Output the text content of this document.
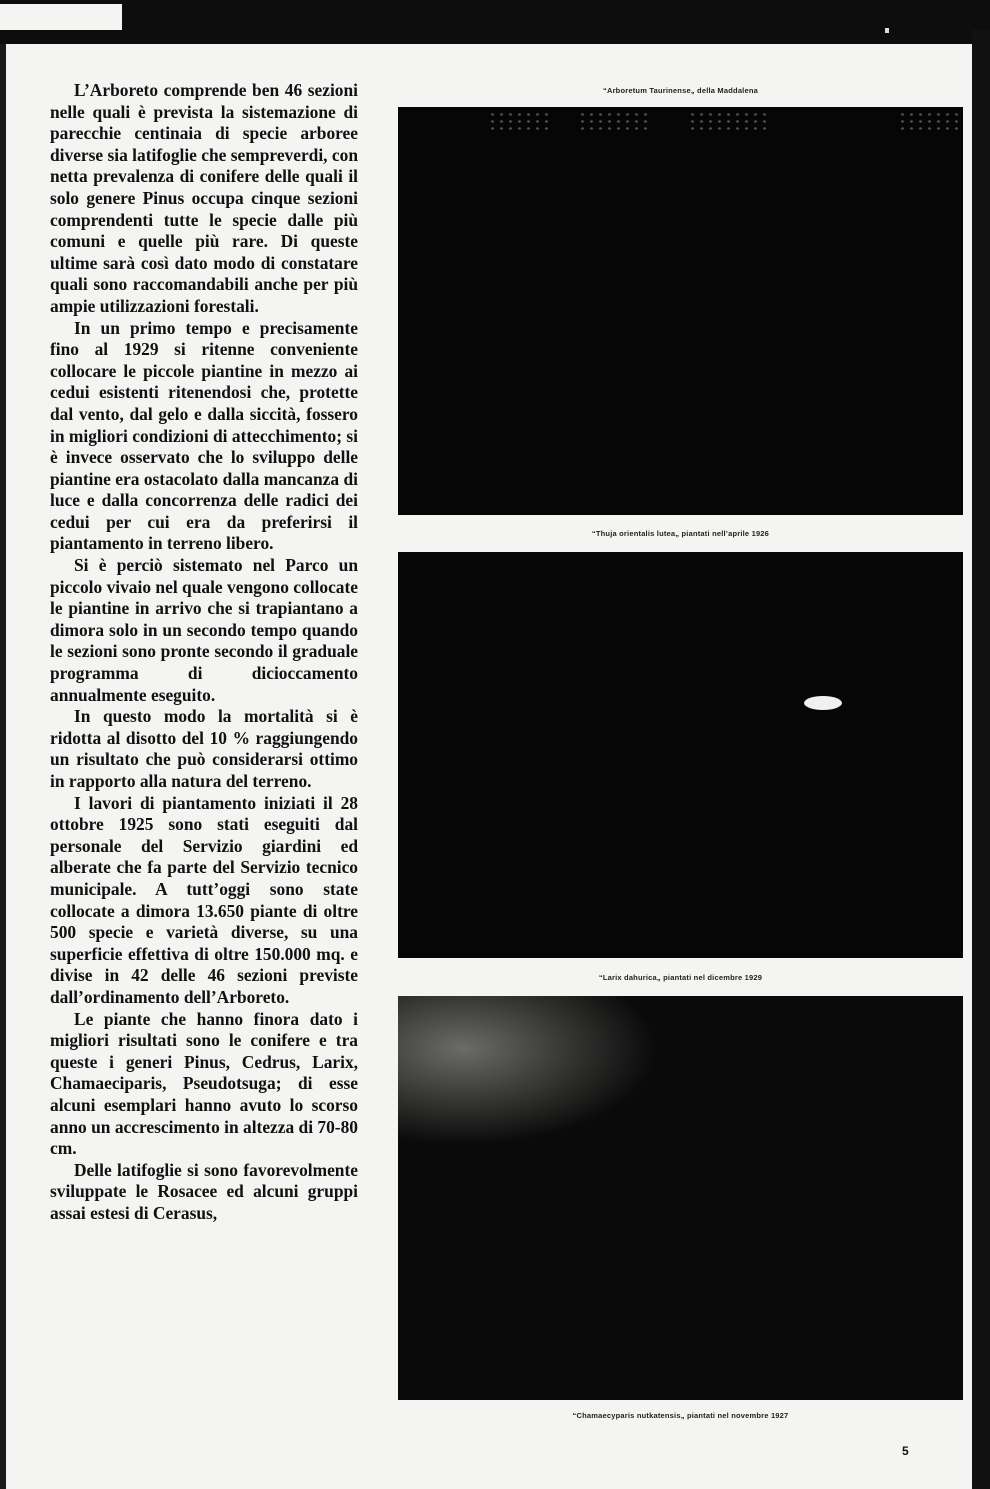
L’Arboreto comprende ben 46 sezioni nelle quali è prevista la sistemazione di parecchie centinaia di specie arboree diverse sia latifoglie che sempreverdi, con netta prevalenza di conifere delle quali il solo genere Pinus occupa cinque sezioni comprendenti tutte le specie dalle più comuni e quelle più rare. Di queste ultime sarà così dato modo di constatare quali sono raccomandabili anche per più ampie utilizzazioni forestali.

In un primo tempo e precisamente fino al 1929 si ritenne conveniente collocare le piccole piantine in mezzo ai cedui esistenti ritenendosi che, protette dal vento, dal gelo e dalla siccità, fossero in migliori condizioni di attecchimento; si è invece osservato che lo sviluppo delle piantine era ostacolato dalla mancanza di luce e dalla concorrenza delle radici dei cedui per cui era da preferirsi il piantamento in terreno libero.

Si è perciò sistemato nel Parco un piccolo vivaio nel quale vengono collocate le piantine in arrivo che si trapiantano a dimora solo in un secondo tempo quando le sezioni sono pronte secondo il graduale programma di dicioccamento annualmente eseguito.

In questo modo la mortalità si è ridotta al disotto del 10 % raggiungendo un risultato che può considerarsi ottimo in rapporto alla natura del terreno.

I lavori di piantamento iniziati il 28 ottobre 1925 sono stati eseguiti dal personale del Servizio giardini ed alberate che fa parte del Servizio tecnico municipale. A tutt’oggi sono state collocate a dimora 13.650 piante di oltre 500 specie e varietà diverse, su una superficie effettiva di oltre 150.000 mq. e divise in 42 delle 46 sezioni previste dall’ordinamento dell’Arboreto.

Le piante che hanno finora dato i migliori risultati sono le conifere e tra queste i generi Pinus, Cedrus, Larix, Chamaeciparis, Pseudotsuga; di esse alcuni esemplari hanno avuto lo scorso anno un accrescimento in altezza di 70-80 cm.

Delle latifoglie si sono favorevolmente sviluppate le Rosacee ed alcuni gruppi assai estesi di Cerasus,

“Arboretum Taurinense„ della Maddalena
“Thuja orientalis lutea„ piantati nell’aprile 1926
“Larix dahurica„ piantati nel dicembre 1929
“Chamaecyparis nutkatensis„ piantati nel novembre 1927
5
